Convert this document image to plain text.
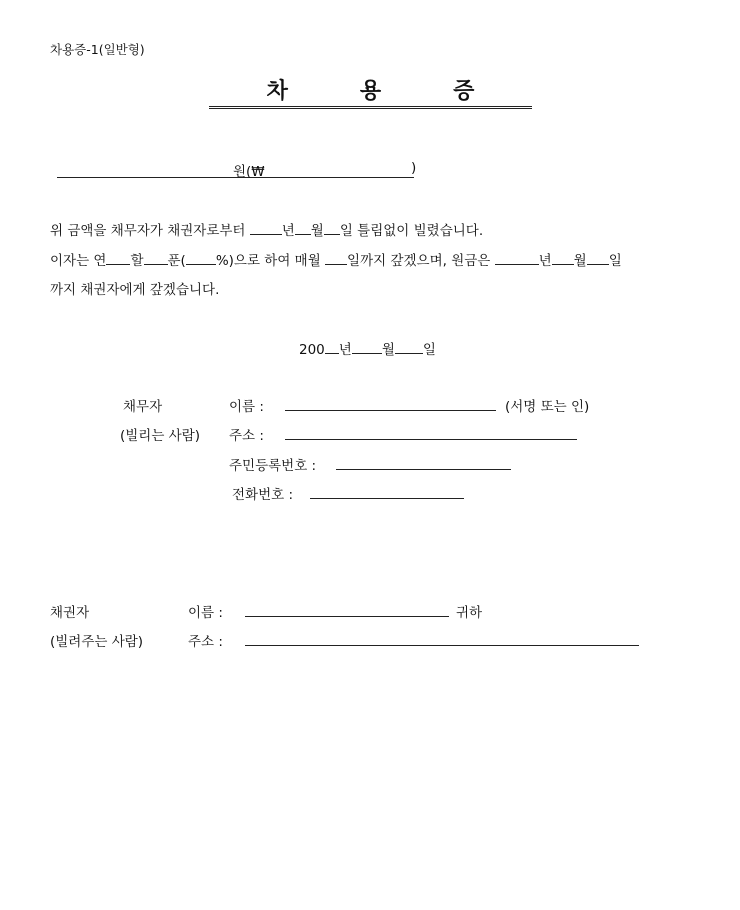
차용증-1(일반형)
차	용	증
원(₩	)
위 금액을 채무자가 채권자로부터 년 월 일 틀림없이 빌렸습니다.
이자는 연 할 푼( %)으로 하여 매월 일까지 갚겠으며, 원금은	년 월 일
까지 채권자에게 갚겠습니다.
200 년 월 일
채무자
(빌리는 사람)
이름 :	(서명 또는 인)
주소 :
주민등록번호 :
전화번호 :
채권자
(빌려주는 사람)
이름 :	귀하
주소 :
